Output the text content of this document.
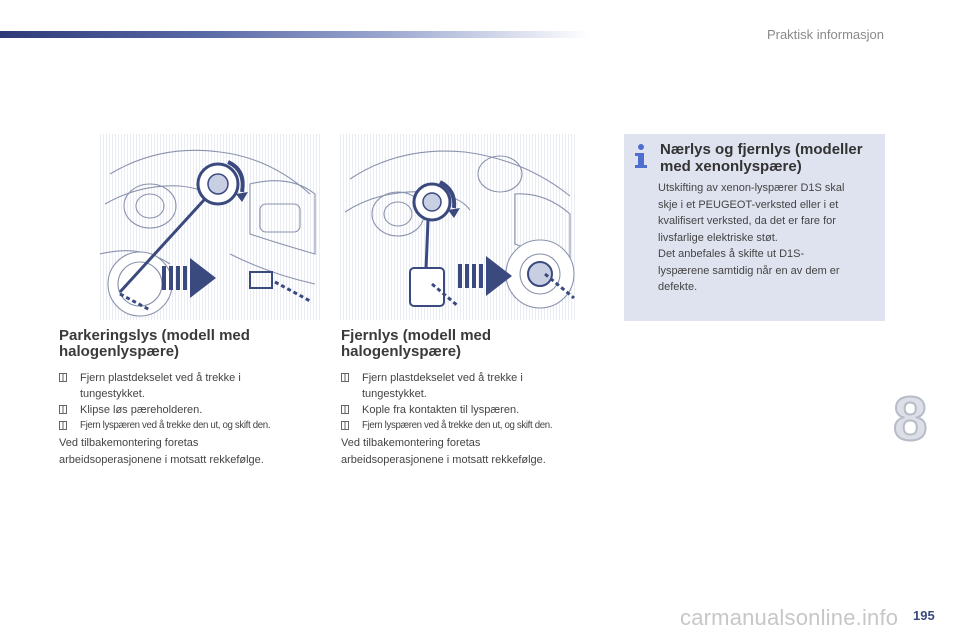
Praktisk informasjon
Nærlys og fjernlys (modeller med xenonlyspære)
Utskifting av xenon-lyspærer D1S skal
skje i et PEUGEOT-verksted eller i et
kvalifisert verksted, da det er fare for
livsfarlige elektriske støt.
Det anbefales å skifte ut D1S-
lyspærene samtidig når en av dem er
defekte.
Parkeringslys (modell med
halogenlyspære)
Fjern plastdekselet ved å trekke i
tungestykket.
Klipse løs pæreholderen.
Fjern lyspæren ved å trekke den ut, og skift den.
Ved tilbakemontering foretas
arbeidsoperasjonene i motsatt rekkefølge.
Fjernlys (modell med
halogenlyspære)
Fjern plastdekselet ved å trekke i
tungestykket.
Kople fra kontakten til lyspæren.
Fjern lyspæren ved å trekke den ut, og skift den.
Ved tilbakemontering foretas
arbeidsoperasjonene i motsatt rekkefølge.
8
carmanualsonline.info 195
